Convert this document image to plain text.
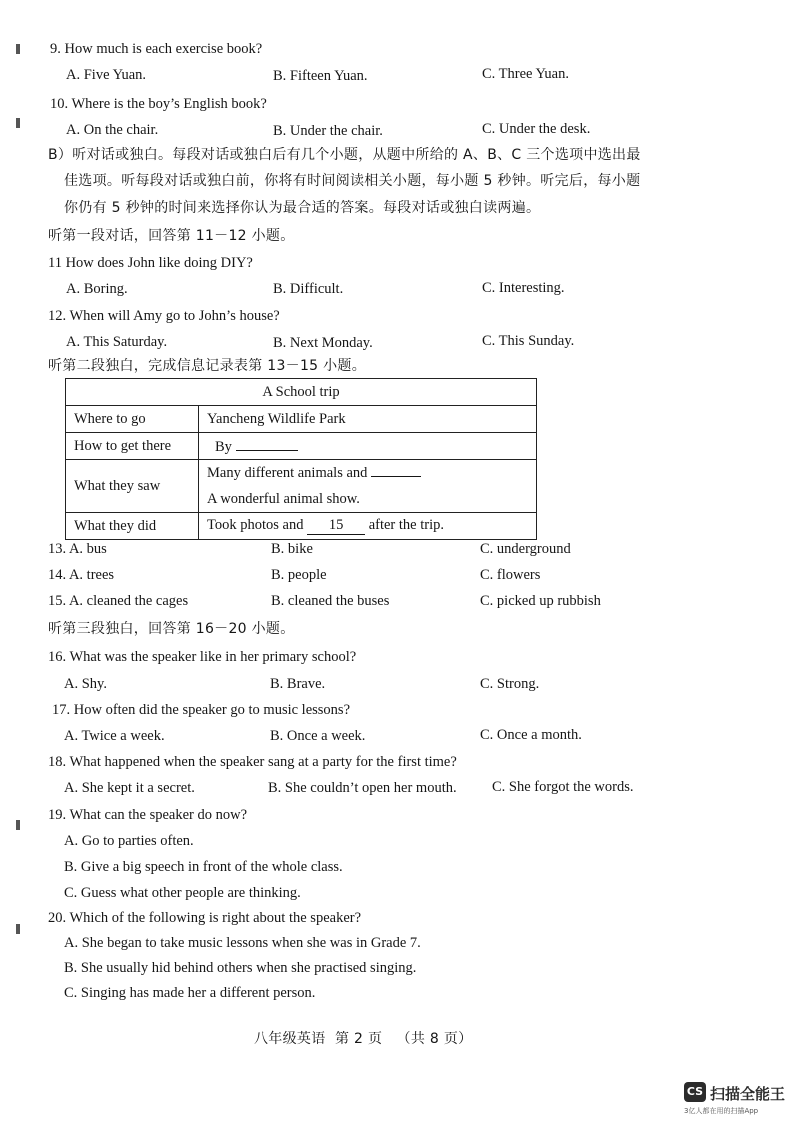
9. How much is each exercise book?
A. Five Yuan.	B. Fifteen Yuan.	C. Three Yuan.
10. Where is the boy’s English book?
A. On the chair.	B. Under the chair.	C. Under the desk.
B）听对话或独白。每段对话或独白后有几个小题，从题中所给的 A、B、C 三个选项中选出最
佳选项。听每段对话或独白前，你将有时间阅读相关小题，每小题 5 秒钟。听完后，每小题
你仍有 5 秒钟的时间来选择你认为最合适的答案。每段对话或独白读两遍。
听第一段对话，回答第 11－12 小题。
11 How does John like doing DIY?
A. Boring.	B. Difficult.	C. Interesting.
12. When will Amy go to John’s house?
A. This Saturday.	B. Next Monday.	C. This Sunday.
听第二段独白，完成信息记录表第 13－15 小题。
A School trip	
Where to go	Yancheng Wildlife Park
How to get there	By
What they saw	Many different animals and
A wonderful animal show.
What they did	Took photos and 15 after the trip.
13. A. bus	B. bike	C. underground
14. A. trees	B. people	C. flowers
15. A. cleaned the cages	B. cleaned the buses	C. picked up rubbish
听第三段独白，回答第 16－20 小题。
16. What was the speaker like in her primary school?
A. Shy.	B. Brave.	C. Strong.
17. How often did the speaker go to music lessons?
A. Twice a week.	B. Once a week.	C. Once a month.
18. What happened when the speaker sang at a party for the first time?
A. She kept it a secret.	B. She couldn’t open her mouth. C. She forgot the words.
19. What can the speaker do now?
A. Go to parties often.
B. Give a big speech in front of the whole class.
C. Guess what other people are thinking.
20. Which of the following is right about the speaker?
A. She began to take music lessons when she was in Grade 7.
B. She usually hid behind others when she practised singing.
C. Singing has made her a different person.
八年级英语  第 2 页   （共 8 页）
CS 扫描全能王
3亿人都在用的扫描App
